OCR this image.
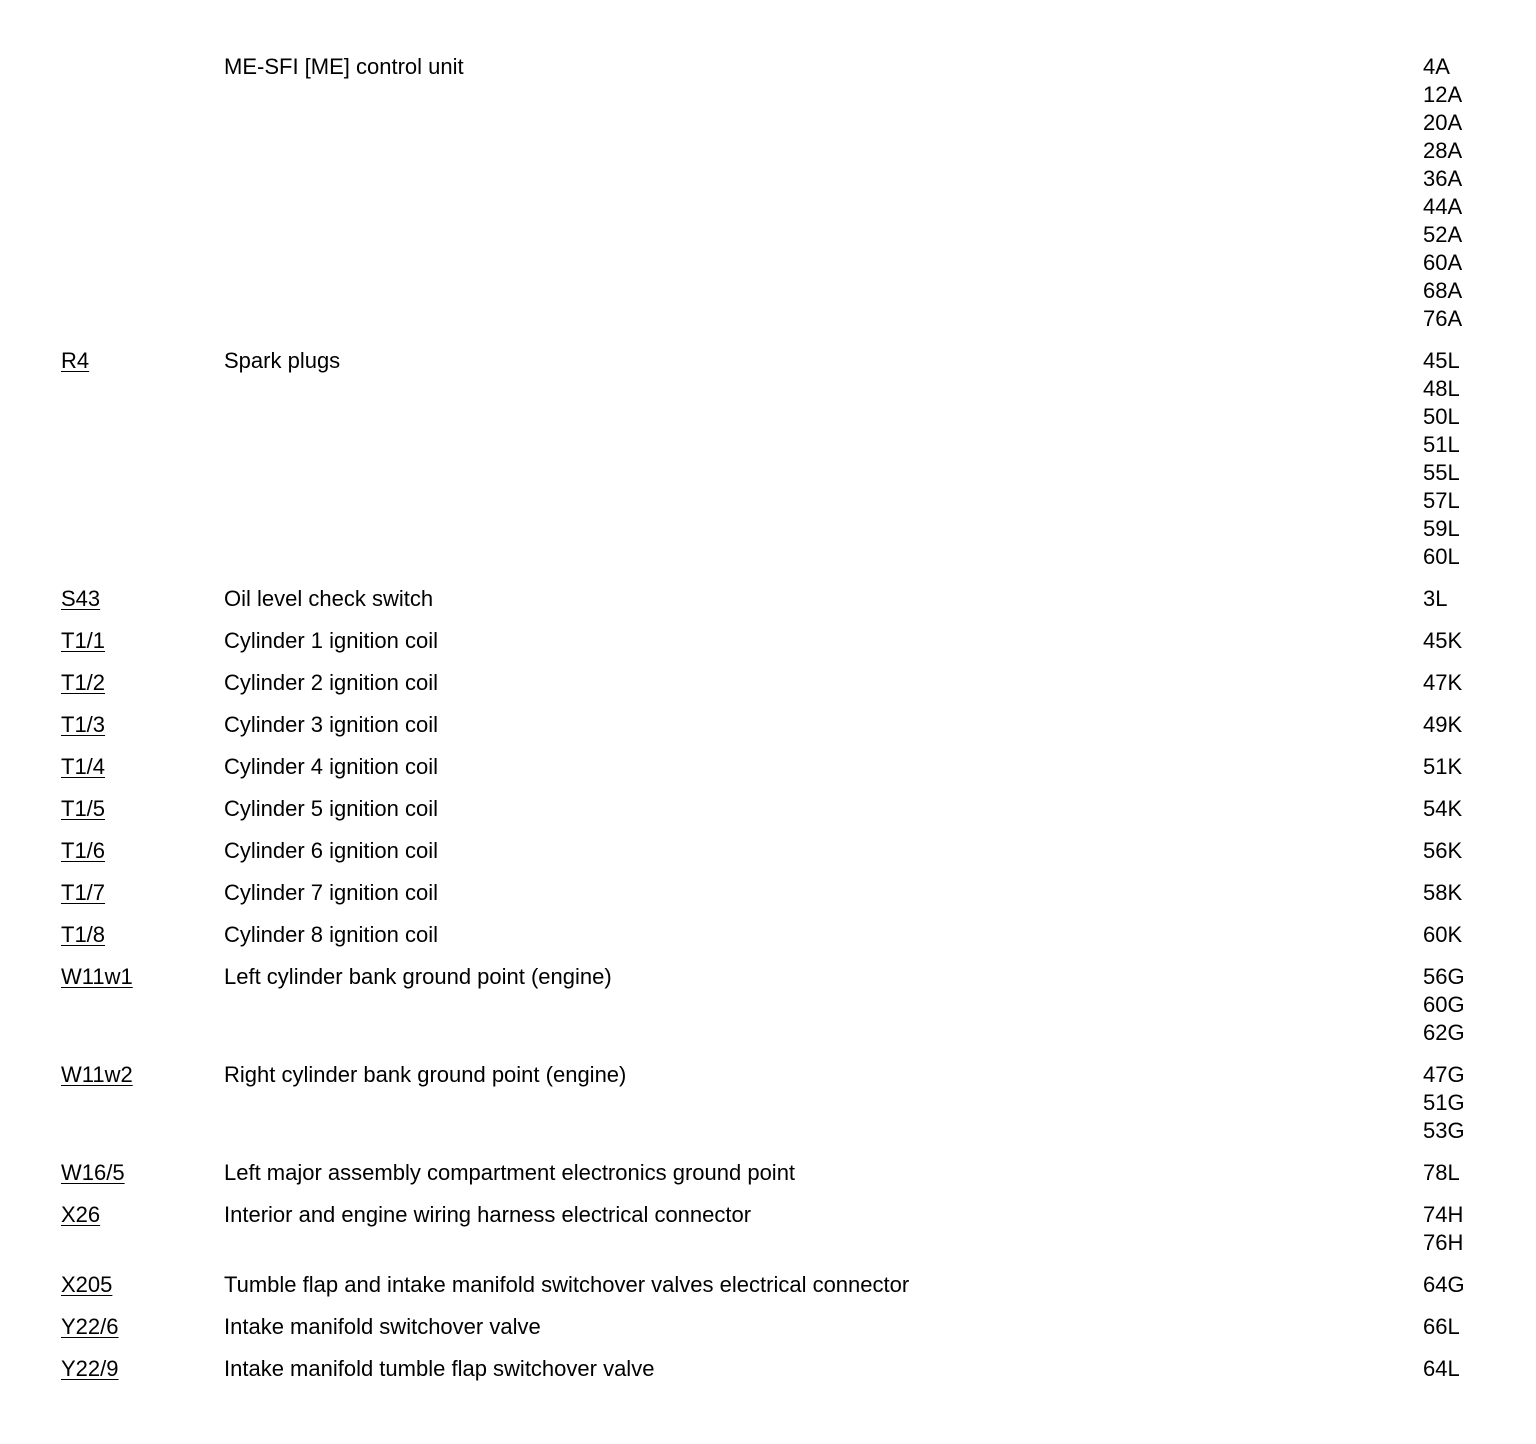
ME-SFI [ME] control unit	4A
12A
20A
28A
36A
44A
52A
60A
68A
76A
R4	Spark plugs	45L
48L
50L
51L
55L
57L
59L
60L
S43	Oil level check switch	3L
T1/1	Cylinder 1 ignition coil	45K
T1/2	Cylinder 2 ignition coil	47K
T1/3	Cylinder 3 ignition coil	49K
T1/4	Cylinder 4 ignition coil	51K
T1/5	Cylinder 5 ignition coil	54K
T1/6	Cylinder 6 ignition coil	56K
T1/7	Cylinder 7 ignition coil	58K
T1/8	Cylinder 8 ignition coil	60K
W11w1	Left cylinder bank ground point (engine)	56G
60G
62G
W11w2	Right cylinder bank ground point (engine)	47G
51G
53G
W16/5	Left major assembly compartment electronics ground point	78L
X26	Interior and engine wiring harness electrical connector	74H
76H
X205	Tumble flap and intake manifold switchover valves electrical connector	64G
Y22/6	Intake manifold switchover valve	66L
Y22/9	Intake manifold tumble flap switchover valve	64L
